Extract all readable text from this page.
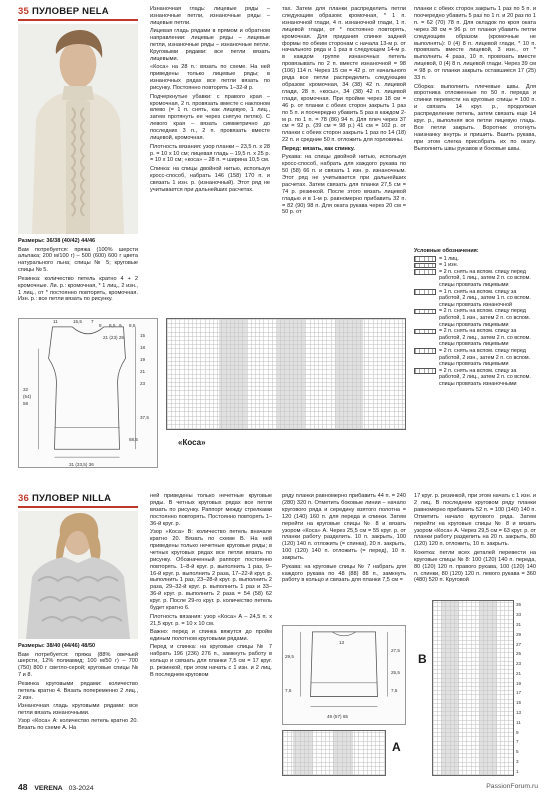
35 ПУЛОВЕР NELA

Размеры: 36/38 (40/42) 44/46

Вам потребуется: пряжа (100% шерсти альпака; 200 м/100 г) – 500 (600) 600 г цвета натурального льна; спицы № 5; круговые спицы № 5.

Резинка: количество петель кратно 4 + 2 кромочные. Ли. р.: кромочная, * 1 лиц., 2 изн., 1 лиц., от * постоянно повторять, кромочная. Изн. р.: все петли вязать по рисунку.

Изнаночная гладь: лицевые ряды – изнаночные петли, изнаночные ряды – лицевые петли.

Лицевая гладь рядами в прямом и обратном направлении: лицевые ряды – лицевые петли, изнаночные ряды – изнаночные петли. Круговыми рядами: все петли вязать лицевыми.

«Коса» на 28 п.: вязать по схеме. На ней приведены только лицевые ряды; в изнаночных рядах все петли вязать по рисунку. Постоянно повторять 1–32-й р.

Подчеркнутые убавки: с правого края – кромочная, 2 п. провязать вместе с наклоном влево (= 1 п. снять, как лицевую, 1 лиц., затем протянуть ее через снятую петлю). С левого края – вязать симметрично до последних 3 п., 2 п. провязать вместе лицевой, кромочная.

Плотность вязания: узор планки – 23,5 п. x 28 р. = 10 x 10 см; лицевая гладь – 19,5 п. x 25 р. = 10 x 10 см; «коса» – 28 п. = ширина 10,5 см.

Спинка: на спицы двойной нитью, используя кросс-способ, набрать 146 (158) 170 п. и связать 1 изн. р. (изнаночный). Этот ряд не учитывается при дальнейших расчетах.

тах. Затем для планки распределить петли следующим образом: кромочная, * 1 п. изнаночной глади, 4 п. изнаночной глади, 1 п. лицевой глади, от * постоянно повторять, кромочная. Для придания спинке задней формы по обеим сторонам с начала 13-м р. от начального ряда и 1 раз в следующем 14-м р. в каждом группе изнаночных петель провязывать по 2 п. вместе изнаночной = 98 (106) 114 п. Через 15 см = 42 р. от начального ряда все петли распределить следующим образом: кромочная, 34 (38) 42 п. лицевой глади, 28 п. «косы», 34 (38) 42 п. лицевой глади, кромочная. При пройме через 18 см = 46 р. от планки с обеих сторон закрыть 1 раз по 5 п. и поочередно убавить 5 раз в каждом 2-м р. по 1 п. = 78 (86) 94 п. Для плеч через 37 см = 92 р. (39 см = 98 р.) 41 см = 102 р. от планки с обеих сторон закрыть 1 раз по 14 (18) 22 п. и средние 50 п. отложить для горловины.

Перед: вязать, как спинку.

Рукава: на спицы двойной нитью, используя кросс-способ, набрать для каждого рукава по 50 (58) 66 п. и связать 1 изн. р. изнаночным. Этот ряд не учитывается при дальнейших расчетах. Затем связать для планки 27,5 см = 74 р. резинкой. После этого вязать лицевой гладью и в 1-м р. равномерно прибавить 32 п. = 82 (90) 98 п. Для оката рукава через 20 см = 50 р. от

планки с обеих сторон закрыть 1 раз по 5 п. и поочередно убавить 5 раз по 1 п. и 20 раз по 1 п. = 62 (70) 78 п. Для окладок по кроя оката через 38 см = 96 р. от планки убавить петли следующим образом (кромочные не выполнять): 0 (4) 8 п. лицевой глади, * 10 п. провязать вместе лицевой, 3 изн., от * выполнить 4 раза, 10 п. провязать вместе лицевой, 0 (4) 8 п. лицевой глади. Через 39 см = 98 р. от планки закрыть оставшиеся 17 (25) 33 п.

Сборка: выполнить плечевые швы. Для воротника отложенные по 50 п. переда и спинки перевести на круговые спицы = 100 п. и связать 14 круг. р., продолжая распределение петель, затем связать еще 14 круг. р., выполняя все петли лицевую гладь. Все петли закрыть. Воротник отогнуть наизнанку внутрь и пришить. Вшить рукава, при этом слегка присобрать их по окату. Выполнить швы рукавов и боковые швы.

11	15,5 7
8 8,5 9 8,5
21 (23) 25	15
18
19
21
23
37,5
32
(54)
58
68,5
31 (33,5) 36
«Коса»
Условные обозначения:
= 1 лиц.
= 1 изн.
= 2 п. снять на вспом. спицу перед работой, 1 лиц., затем 2 п. со вспом. спицы провязать лицевыми
= 1 п. снять на вспом. спицу за работой, 2 лиц., затем 1 п. со вспом. спицы провязать изнаночной
= 2 п. снять на вспом. спицу перед работой, 1 изн., затем 2 п. со вспом. спицы провязать лицевыми
= 2 п. снять на вспом. спицу за работой, 2 лиц., затем 2 п. со вспом. спицы провязать лицевыми
= 2 п. снять на вспом. спицу перед работой, 2 изн., затем 2 п. со вспом. спицы провязать лицевыми
= 2 п. снять на вспом. спицу за работой, 2 лиц., затем 2 п. со вспом. спицы провязать изнаночными
36 ПУЛОВЕР NILLA

Размеры: 38/40 (44/46) 48/50

Вам потребуется: пряжа (88% овечьей шерсти, 12% полиамид; 100 м/50 г) – 700 (750) 800 г светло-серой; круговые спицы № 7 и 8.

Резинка круговыми рядами: количество петель кратно 4. Вязать попеременно 2 лиц., 2 изн.

Изнаночная гладь круговыми рядами: все петли вязать изнаночными.

Узор «Коса» А: количество петель кратно 20. Вязать по схеме А. На

ней приведены только нечетные круговые ряды. В четных круговых рядах все петли вязать по рисунку. Раппорт между стрелками постоянно повторять. Постоянно повторять 1–36-й круг. р.

Узор «Коса» В: количество петель вначале кратно 20. Вязать по схеме В. На ней приведены только нечетные круговые ряды; в четных круговых рядах все петли вязать по рисунку. Обозначенный раппорт постоянно повторять. 1–8-й круг. р. выполнить 1 раз, 9–16-й круг. р. выполнить 2 раза, 17–22-й круг. р. выполнить 1 раз, 23–28-й круг. р. выполнить 2 раза, 29–32-й круг. р. выполнить 1 раз и 33–36-й круг. р. выполнить 2 раза = 54 (58) 62 круг. р. После 29-го круг. р. количество петель будет кратно 6.

Плотность вязания: узор «Коса» А – 24,5 п. x 21,5 круг. р. = 10 x 10 см.

Важно: перед и спинка вяжутся до пройм единым полотном круговыми рядами.

Перед и спинка: на круговые спицы № 7 набрать 196 (236) 276 п., замкнуть работу в кольцо и связать для планки 7,5 см = 17 круг. р. резинкой, при этом начать с 1 изн. и 2 лиц. В последнем круговом

ряду планки равномерно прибавить 44 п. = 240 (280) 320 п. Отметить боковые линии – начало кругового ряда и середину взятого полотна = 120 (140) 160 п. для переда и спинки. Затем перейти на круговые спицы № 8 и вязать узором «Коса» А. Через 25,5 см = 55 круг. р. от планки работу разделить. 10 п. закрыть, 100 (120) 140 п. отложить (= спинка), 20 п. закрыть, 100 (120) 140 п. отложить (= перед), 10 п. закрыть.

Рукава: на круговые спицы № 7 набрать для каждого рукава по 48 (88) 88 п., замкнуть работу в кольцо и связать для планки 7,5 см =

17 круг. р. резинкой, при этом начать с 1 изн. и 2 лиц. В последнем круговом ряду планки равномерно прибавить 52 п. = 100 (140) 140 п. Отметить начало кругового ряда. Затем перейти на круговые спицы № 8 и вязать узором «Коса» А. Через 29,5 см = 63 круг. р. от планки работу разделить на 20 п. закрыть, 80 (120) 120 п. отложить, 10 п. закрыть.

Кокетка: петли всех деталей перевести на круговые спицы № 8: 100 (120) 140 п. переда, 80 (120) 120 п. правого рукава, 100 (120) 140 п. спинки, 80 (120) 120 п. левого рукава = 360 (480) 520 п. Круговой

29,5
7,5
13
27,5
49 (57) 65
25,5
7,5
A
B
35
33
31
29
27
25
23
21
19
17
15
13
11
9
7
5
3
1
48 VERENA 03-2024	PassionForum.ru
